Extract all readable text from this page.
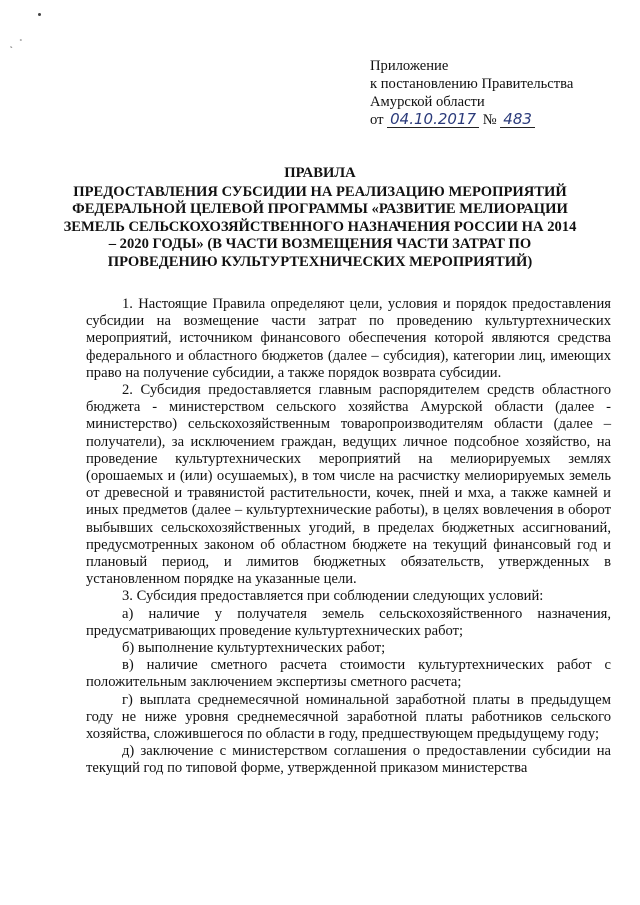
˛ ˚
Приложение
к постановлению Правительства
Амурской области
от 04.10.2017 № 483
ПРАВИЛА
ПРЕДОСТАВЛЕНИЯ СУБСИДИИ НА РЕАЛИЗАЦИЮ МЕРОПРИЯТИЙ ФЕДЕРАЛЬНОЙ ЦЕЛЕВОЙ ПРОГРАММЫ «РАЗВИТИЕ МЕЛИОРАЦИИ ЗЕМЕЛЬ СЕЛЬСКОХОЗЯЙСТВЕННОГО НАЗНАЧЕНИЯ РОССИИ НА 2014 – 2020 ГОДЫ» (В ЧАСТИ ВОЗМЕЩЕНИЯ ЧАСТИ ЗАТРАТ ПО ПРОВЕДЕНИЮ КУЛЬТУРТЕХНИЧЕСКИХ МЕРОПРИЯТИЙ)

1. Настоящие Правила определяют цели, условия и порядок предоставления субсидии на возмещение части затрат по проведению культуртехнических мероприятий, источником финансового обеспечения которой являются средства федерального и областного бюджетов (далее – субсидия), категории лиц, имеющих право на получение субсидии, а также порядок возврата субсидии.

2. Субсидия предоставляется главным распорядителем средств областного бюджета - министерством сельского хозяйства Амурской области (далее - министерство) сельскохозяйственным товаропроизводителям области (далее – получатели), за исключением граждан, ведущих личное подсобное хозяйство, на проведение культуртехнических мероприятий на мелиорируемых землях (орошаемых и (или) осушаемых), в том числе на расчистку мелиорируемых земель от древесной и травянистой растительности, кочек, пней и мха, а также камней и иных предметов (далее – культуртехнические работы), в целях вовлечения в оборот выбывших сельскохозяйственных угодий, в пределах бюджетных ассигнований, предусмотренных законом об областном бюджете на текущий финансовый год и плановый период, и лимитов бюджетных обязательств, утвержденных в установленном порядке на указанные цели.

3. Субсидия предоставляется при соблюдении следующих условий:

а) наличие у получателя земель сельскохозяйственного назначения, предусматривающих проведение культуртехнических работ;

б) выполнение культуртехнических работ;

в) наличие сметного расчета стоимости культуртехнических работ с положительным заключением экспертизы сметного расчета;

г) выплата среднемесячной номинальной заработной платы в предыдущем году не ниже уровня среднемесячной заработной платы работников сельского хозяйства, сложившегося по области в году, предшествующем предыдущему году;

д) заключение с министерством соглашения о предоставлении субсидии на текущий год по типовой форме, утвержденной приказом министерства
